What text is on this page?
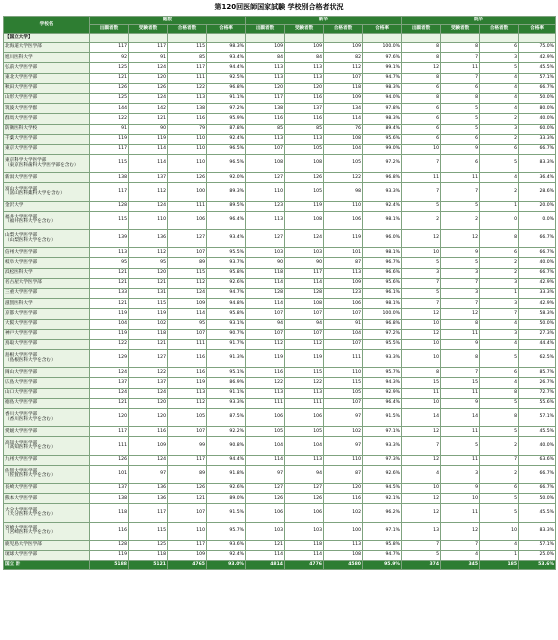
第120回医師国家試験 学校別合格者状況
学校名	総数				新卒				既卒			
	出願者数	受験者数	合格者数	合格率	出願者数	受験者数	合格者数	合格率	出願者数	受験者数	合格者数	合格率
【国立大学】												
北海道大学医学部	117	117	115	98.3%	109	109	109	100.0%	8	8	6	75.0%
旭川医科大学	92	91	85	93.4%	84	84	82	97.6%	8	7	3	42.9%
弘前大学医学部	125	124	117	94.4%	113	113	112	99.1%	12	11	5	45.5%
東北大学医学部	121	120	111	92.5%	113	113	107	94.7%	8	7	4	57.1%
秋田大学医学部	126	126	122	96.8%	120	120	118	98.3%	6	6	4	66.7%
山形大学医学部	125	124	113	91.1%	117	116	109	94.0%	8	8	4	50.0%
筑波大学医学群	144	142	138	97.2%	138	137	134	97.8%	6	5	4	80.0%
群馬大学医学部	122	121	116	95.9%	116	116	114	98.3%	6	5	2	40.0%
防衛医科大学校	91	90	79	87.8%	85	85	76	89.4%	6	5	3	60.0%
千葉大学医学部	119	119	110	92.4%	113	113	108	95.6%	6	6	2	33.3%
東京大学医学部	117	114	110	96.5%	107	105	104	99.0%	10	9	6	66.7%
東京科学大学医学部
（東京医科歯科大学医学部を含む）	115	114	110	96.5%	108	108	105	97.2%	7	6	5	83.3%
新潟大学医学部	138	137	126	92.0%	127	126	122	96.8%	11	11	4	36.4%
富山大学医学部
（富山医科薬科大学を含む）	117	112	100	89.3%	110	105	98	93.3%	7	7	2	28.6%
金沢大学	128	124	111	89.5%	123	119	110	92.4%	5	5	1	20.0%
福井大学医学部
（福井医科大学を含む）	115	110	106	96.4%	113	108	106	98.1%	2	2	0	0.0%
山梨大学医学部
（山梨医科大学を含む）	139	136	127	93.4%	127	124	119	96.0%	12	12	8	66.7%
信州大学医学部	113	112	107	95.5%	103	103	101	98.1%	10	9	6	66.7%
岐阜大学医学部	95	95	89	93.7%	90	90	87	96.7%	5	5	2	40.0%
浜松医科大学	121	120	115	95.8%	118	117	113	96.6%	3	3	2	66.7%
名古屋大学医学部	121	121	112	92.6%	114	114	109	95.6%	7	7	3	42.9%
三重大学医学部	133	131	124	94.7%	128	128	123	96.1%	5	3	1	33.3%
滋賀医科大学	121	115	109	94.8%	114	108	106	98.1%	7	7	3	42.9%
京都大学医学部	119	119	114	95.8%	107	107	107	100.0%	12	12	7	58.3%
大阪大学医学部	104	102	95	93.1%	94	94	91	96.8%	10	8	4	50.0%
神戸大学医学部	119	118	107	90.7%	107	107	104	97.2%	12	11	3	27.3%
鳥取大学医学部	122	121	111	91.7%	112	112	107	95.5%	10	9	4	44.4%
島根大学医学部
（島根医科大学を含む）	129	127	116	91.3%	119	119	111	93.3%	10	8	5	62.5%
岡山大学医学部	124	122	116	95.1%	116	115	110	95.7%	8	7	6	85.7%
広島大学医学部	137	137	119	86.9%	122	122	115	94.3%	15	15	4	26.7%
山口大学医学部	124	124	113	91.1%	113	113	105	92.9%	11	11	8	72.7%
徳島大学医学部	121	120	112	93.3%	111	111	107	96.4%	10	9	5	55.6%
香川大学医学部
（香川医科大学を含む）	120	120	105	87.5%	106	106	97	91.5%	14	14	8	57.1%
愛媛大学医学部	117	116	107	92.2%	105	105	102	97.1%	12	11	5	45.5%
高知大学医学部
（高知医科大学を含む）	111	109	99	90.8%	104	104	97	93.3%	7	5	2	40.0%
九州大学医学部	126	124	117	94.4%	114	113	110	97.3%	12	11	7	63.6%
佐賀大学医学部
（佐賀医科大学を含む）	101	97	89	91.8%	97	94	87	92.6%	4	3	2	66.7%
長崎大学医学部	137	136	126	92.6%	127	127	120	94.5%	10	9	6	66.7%
熊本大学医学部	138	136	121	89.0%	126	126	116	92.1%	12	10	5	50.0%
大分大学医学部
（大分医科大学を含む）	118	117	107	91.5%	106	106	102	96.2%	12	11	5	45.5%
宮崎大学医学部
（宮崎医科大学を含む）	116	115	110	95.7%	103	103	100	97.1%	13	12	10	83.3%
鹿児島大学医学部	128	125	117	93.6%	121	118	113	95.8%	7	7	4	57.1%
琉球大学医学部	119	118	109	92.4%	114	114	108	94.7%	5	4	1	25.0%
国立 計	5188	5121	4765	93.0%	4814	4776	4580	95.9%	374	345	185	53.6%
